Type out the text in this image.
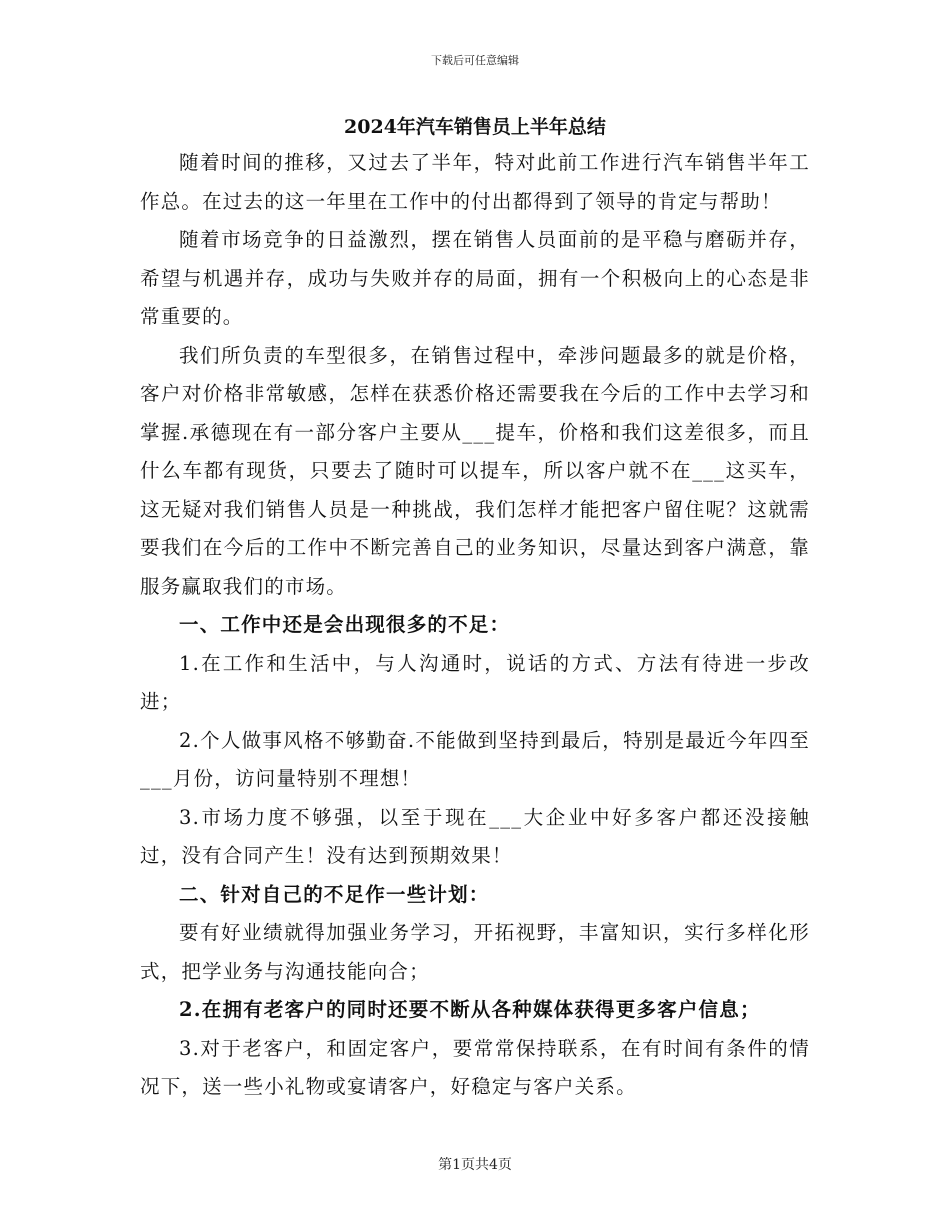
下载后可任意编辑
2024年汽车销售员上半年总结

随着时间的推移，又过去了半年，特对此前工作进行汽车销售半年工作总。在过去的这一年里在工作中的付出都得到了领导的肯定与帮助！

随着市场竞争的日益激烈，摆在销售人员面前的是平稳与磨砺并存，希望与机遇并存，成功与失败并存的局面，拥有一个积极向上的心态是非常重要的。

我们所负责的车型很多，在销售过程中，牵涉问题最多的就是价格，客户对价格非常敏感，怎样在获悉价格还需要我在今后的工作中去学习和掌握.承德现在有一部分客户主要从___提车，价格和我们这差很多，而且什么车都有现货，只要去了随时可以提车，所以客户就不在___这买车，这无疑对我们销售人员是一种挑战，我们怎样才能把客户留住呢？这就需要我们在今后的工作中不断完善自己的业务知识，尽量达到客户满意，靠服务赢取我们的市场。

一、工作中还是会出现很多的不足：

1.在工作和生活中，与人沟通时，说话的方式、方法有待进一步改进；

2.个人做事风格不够勤奋.不能做到坚持到最后，特别是最近今年四至___月份，访问量特别不理想！

3.市场力度不够强，以至于现在___大企业中好多客户都还没接触过，没有合同产生！没有达到预期效果！

二、针对自己的不足作一些计划：

要有好业绩就得加强业务学习，开拓视野，丰富知识，实行多样化形式，把学业务与沟通技能向合；

2.在拥有老客户的同时还要不断从各种媒体获得更多客户信息；

3.对于老客户，和固定客户，要常常保持联系，在有时间有条件的情况下，送一些小礼物或宴请客户，好稳定与客户关系。

第1页共4页
